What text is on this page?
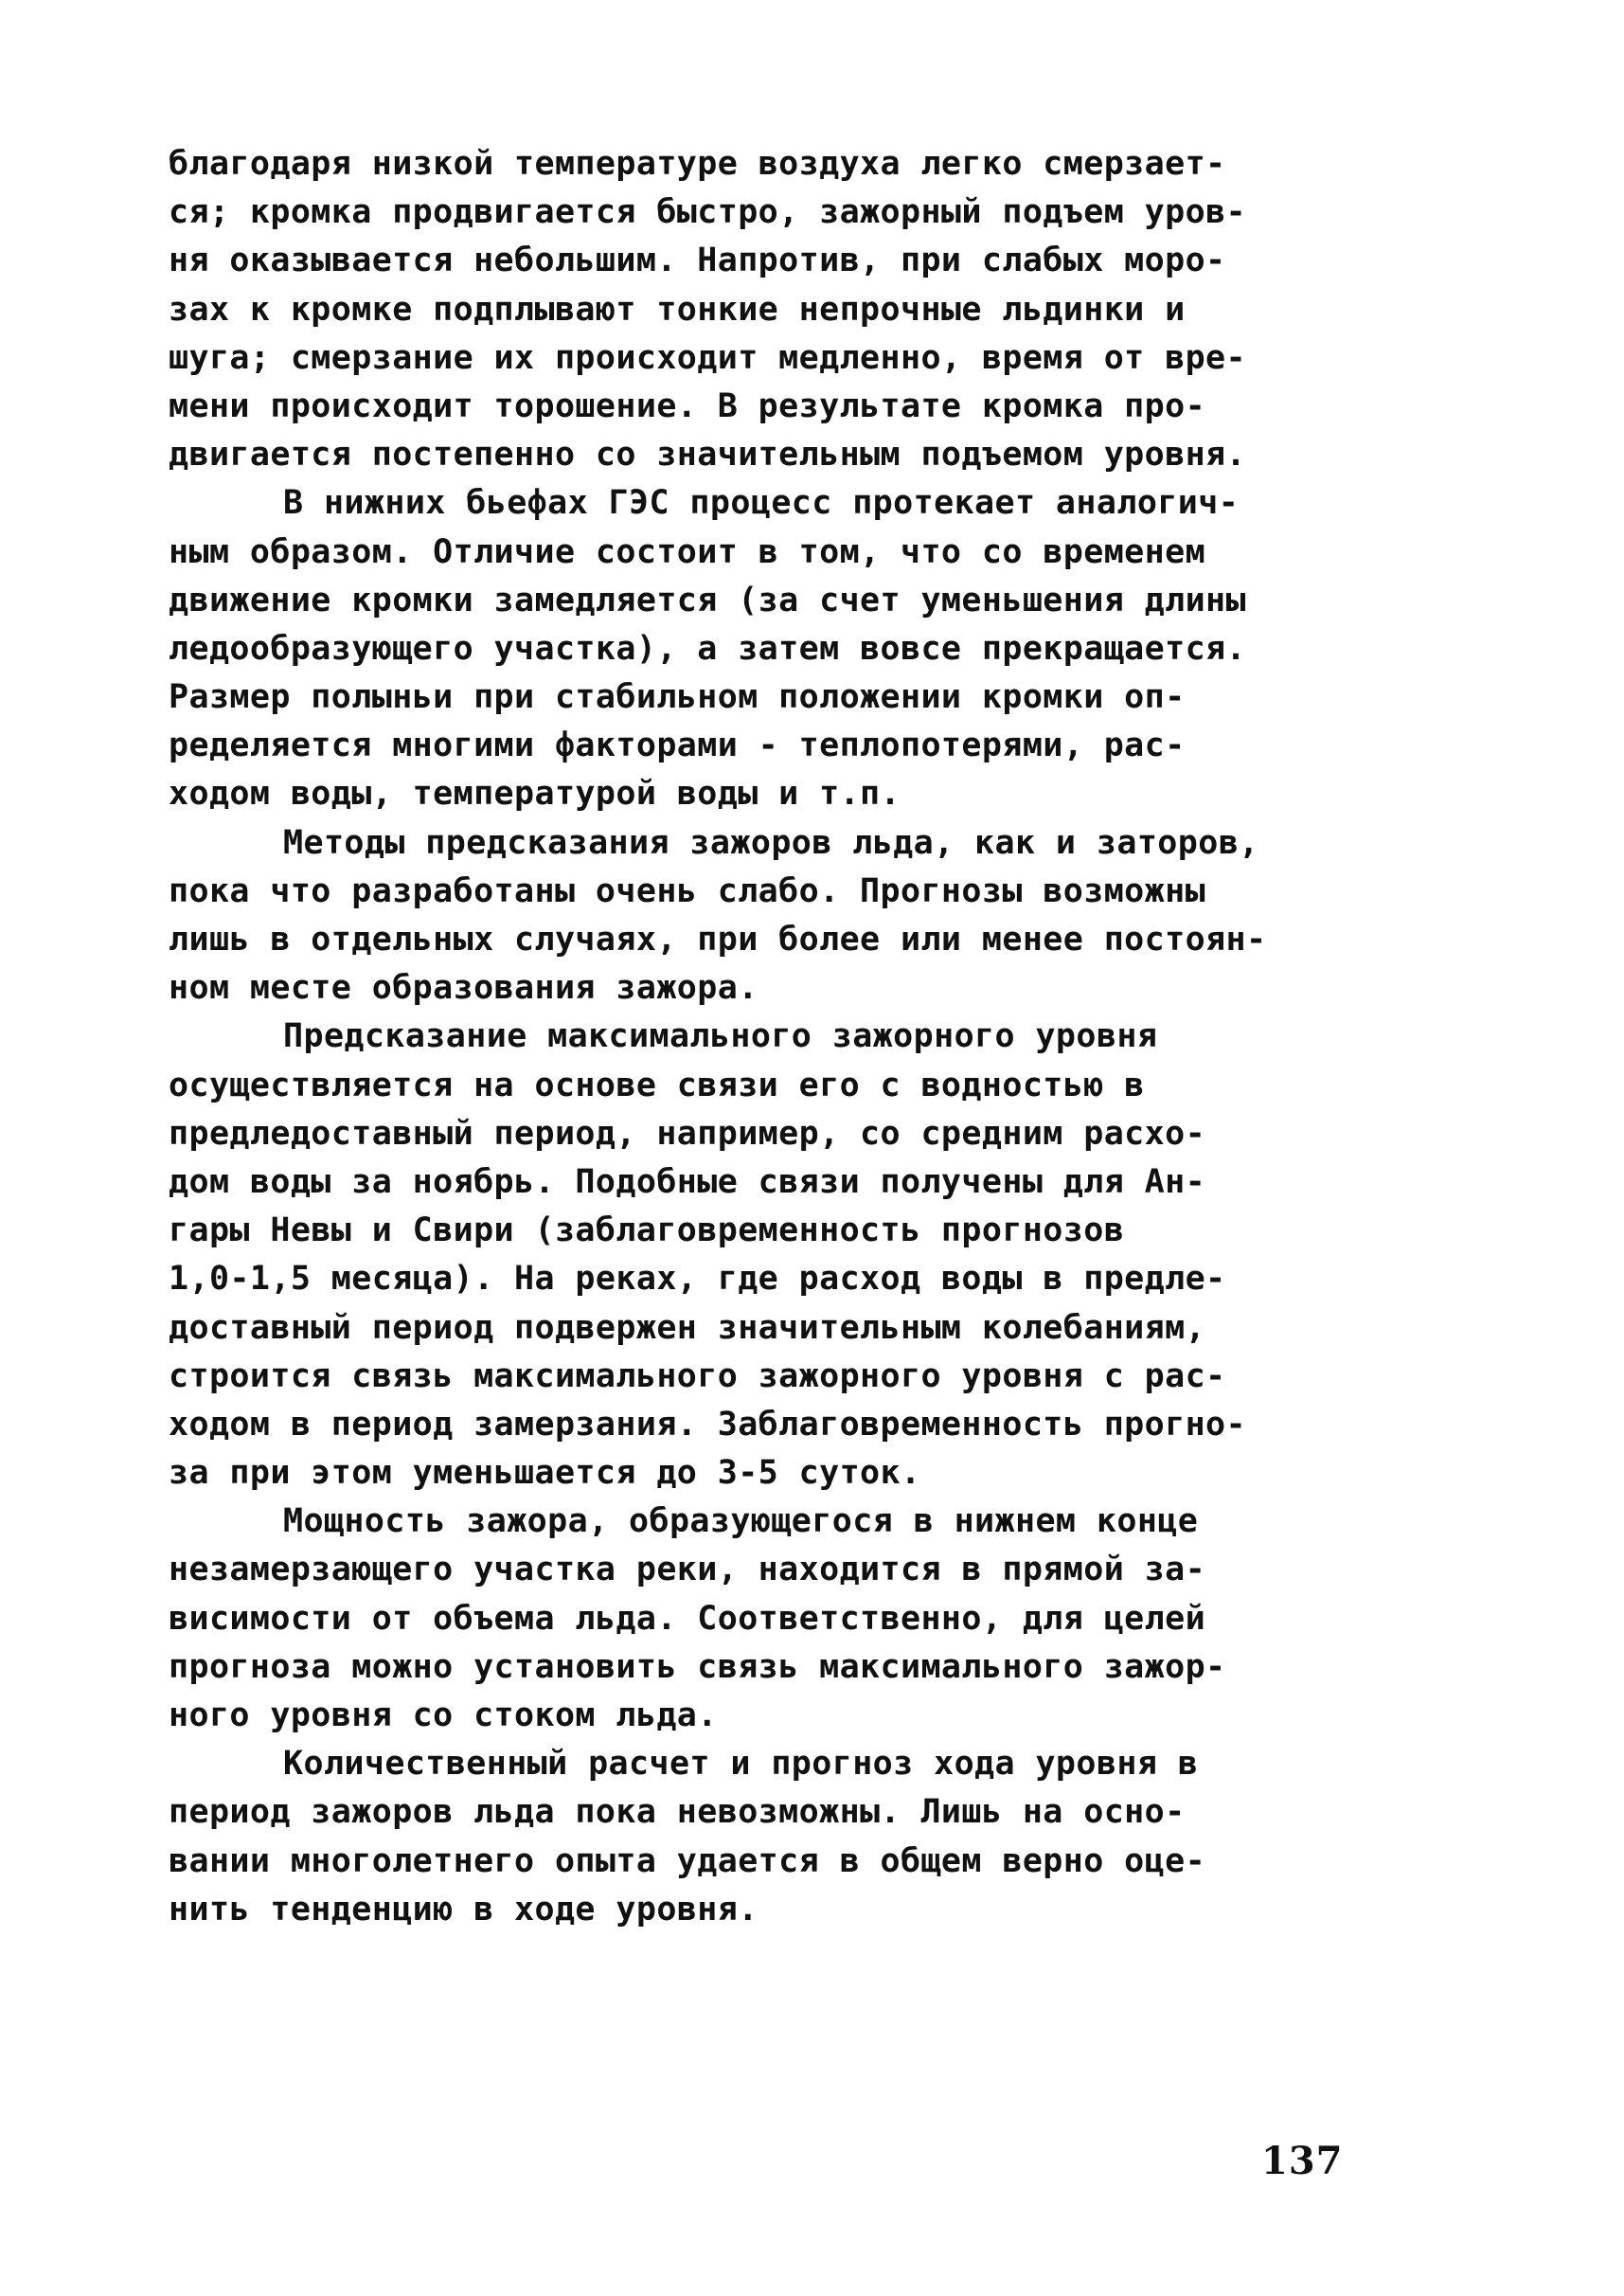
благодаря низкой температуре воздуха легко смерзает-
ся; кромка продвигается быстро, зажорный подъем уров-
ня оказывается небольшим. Напротив, при слабых моро-
зах к кромке подплывают тонкие непрочные льдинки и
шуга; смерзание их происходит медленно, время от вре-
мени происходит торошение. В результате кромка про-
двигается постепенно со значительным подъемом уровня.
В нижних бьефах ГЭС процесс протекает аналогич-
ным образом. Отличие состоит в том, что со временем
движение кромки замедляется (за счет уменьшения длины
ледообразующего участка), а затем вовсе прекращается.
Размер полыньи при стабильном положении кромки оп-
ределяется многими факторами - теплопотерями, рас-
ходом воды, температурой воды и т.п.
Методы предсказания зажоров льда, как и заторов,
пока что разработаны очень слабо. Прогнозы возможны
лишь в отдельных случаях, при более или менее постоян-
ном месте образования зажора.
Предсказание максимального зажорного уровня
осуществляется на основе связи его с водностью в
предледоставный период, например, со средним расхо-
дом воды за ноябрь. Подобные связи получены для Ан-
гары Невы и Свири (заблаговременность прогнозов
1,0-1,5 месяца). На реках, где расход воды в предле-
доставный период подвержен значительным колебаниям,
строится связь максимального зажорного уровня с рас-
ходом в период замерзания. Заблаговременность прогно-
за при этом уменьшается до 3-5 суток.
Мощность зажора, образующегося в нижнем конце
незамерзающего участка реки, находится в прямой за-
висимости от объема льда. Соответственно, для целей
прогноза можно установить связь максимального зажор-
ного уровня со стоком льда.
Количественный расчет и прогноз хода уровня в
период зажоров льда пока невозможны. Лишь на осно-
вании многолетнего опыта удается в общем верно оце-
нить тенденцию в ходе уровня.
137
